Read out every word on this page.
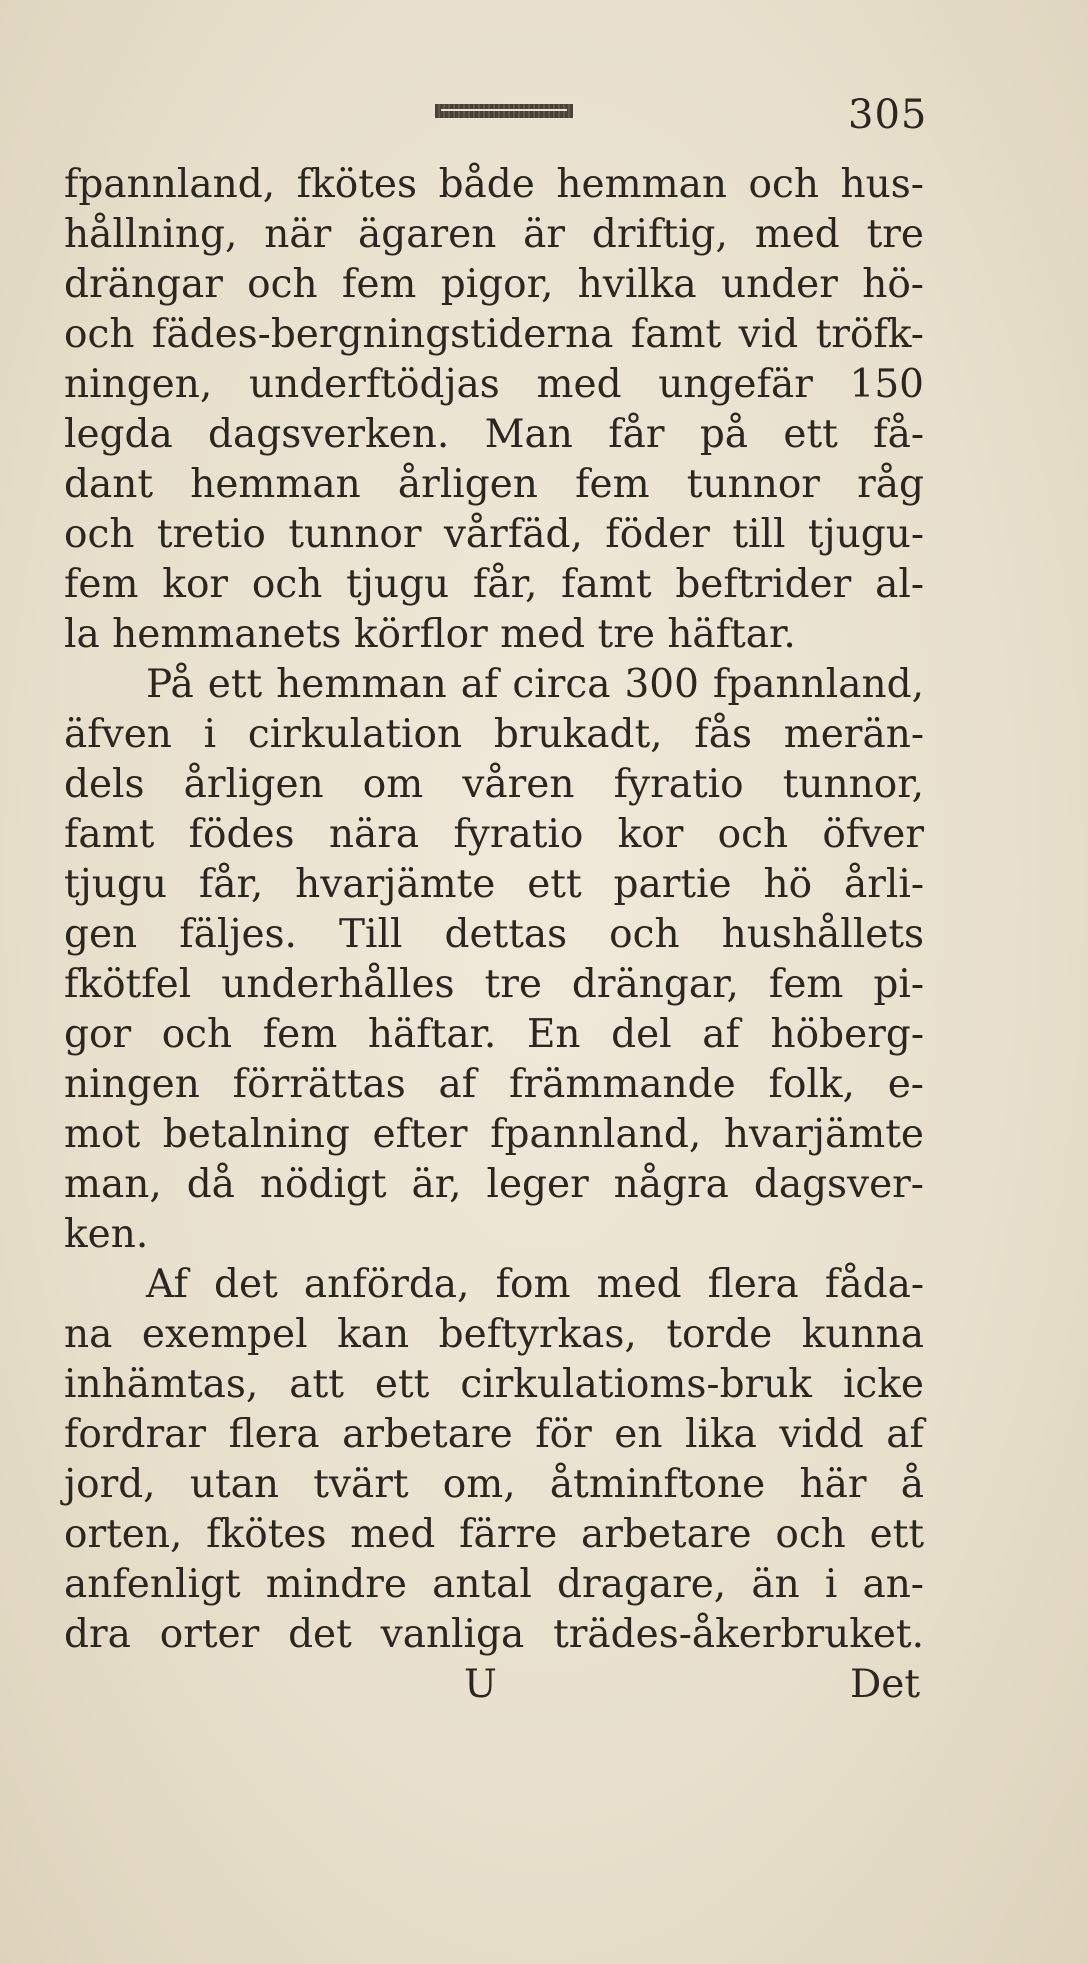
305
fpannland, fkötes både hemman och hus-
hållning, när ägaren är driftig, med tre
drängar och fem pigor, hvilka under hö-
och fädes-bergningstiderna famt vid tröfk-
ningen, underftödjas med ungefär 150
legda dagsverken. Man får på ett få-
dant hemman årligen fem tunnor råg
och tretio tunnor vårfäd, föder till tjugu-
fem kor och tjugu får, famt beftrider al-
la hemmanets körflor med tre häftar.
På ett hemman af circa 300 fpannland,
äfven i cirkulation brukadt, fås merän-
dels årligen om våren fyratio tunnor,
famt födes nära fyratio kor och öfver
tjugu får, hvarjämte ett partie hö årli-
gen fäljes. Till dettas och hushållets
fkötfel underhålles tre drängar, fem pi-
gor och fem häftar. En del af höberg-
ningen förrättas af främmande folk, e-
mot betalning efter fpannland, hvarjämte
man, då nödigt är, leger några dagsver-
ken.
Af det anförda, fom med flera fåda-
na exempel kan beftyrkas, torde kunna
inhämtas, att ett cirkulatioms-bruk icke
fordrar flera arbetare för en lika vidd af
jord, utan tvärt om, åtminftone här å
orten, fkötes med färre arbetare och ett
anfenligt mindre antal dragare, än i an-
dra orter det vanliga trädes-åkerbruket.
U	Det
